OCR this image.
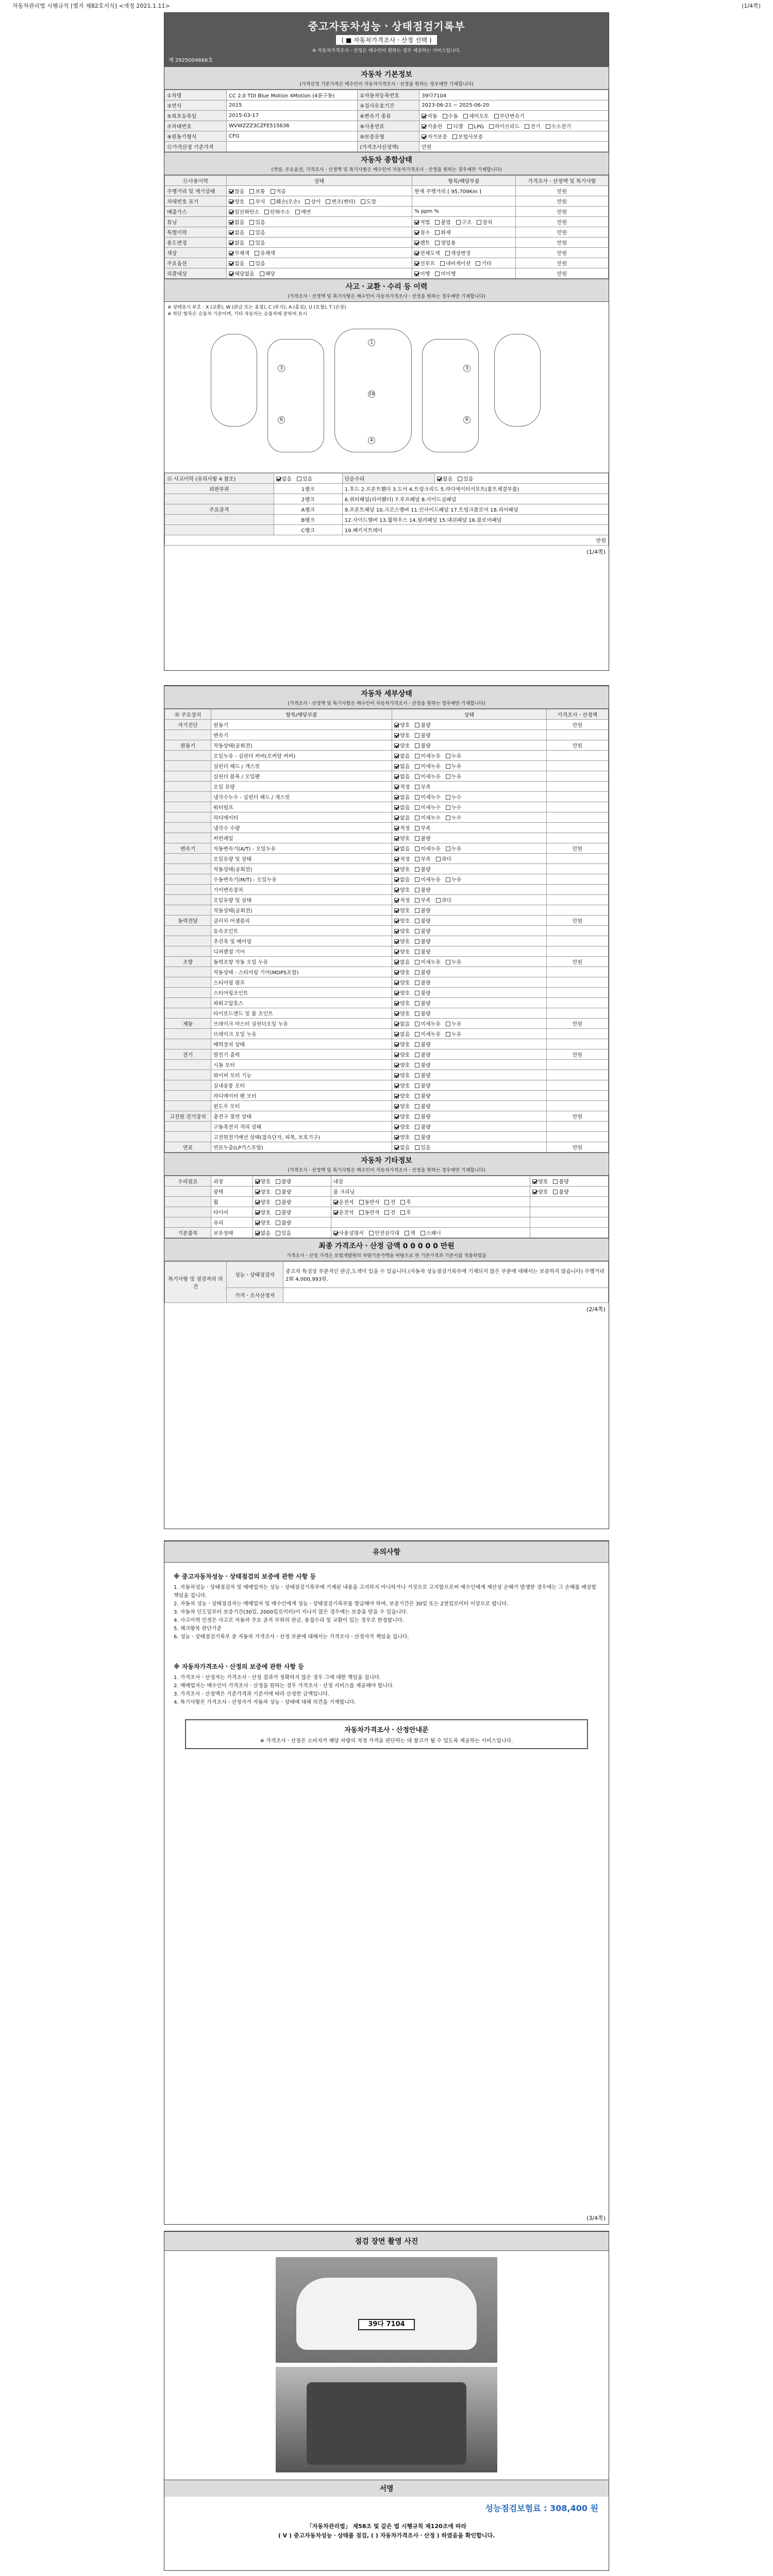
자동차관리법 시행규칙 [별지 제82호서식] <개정 2021.1.11>	(1/4쪽)
중고자동차성능ㆍ상태점검기록부
( ■ 자동차가격조사ㆍ산정 선택 )
※ 자동차가격조사ㆍ산정은 매수인이 원하는 경우 제공하는 서비스입니다.
제 2925004666호
자동차 기본정보
(가격산정 기준가격은 매수인이 자동차가격조사ㆍ산정을 원하는 경우에만 기재합니다)
①차명	CC 2.0 TDI Blue Motion 4Motion (4륜구동)	②자동차등록번호	39다7104
③연식	2015	④검사유효기간	2023-06-21 ~ 2025-06-20
⑤최초등록일	2015-03-17	⑥변속기 종류	자동 수동 세미오토 무단변속기
⑦차대번호	WVWZZZ3CZFE515636	⑧사용연료	가솔린 디젤 LPG 하이브리드 전기 수소전기
⑨원동기형식	CFG	⑩보증유형	자가보증 보험사보증
⑪가격산정 기준가격		(가격조사산정액)	만원
자동차 종합상태
(색상, 주요옵션, 가격조사ㆍ산정액 및 특기사항은 매수인이 자동차가격조사ㆍ산정을 원하는 경우에만 기재합니다)
⑪사용이력	상태	항목/해당부품	가격조사ㆍ산정액 및 특기사항
주행거리 및 계기상태	많음 보통 적음	현재 주행거리 [ 95,709Km ]	만원
차대번호 표기	양호 부식 훼손(오손) 상이 변조(변타) 도말		만원
배출가스	일산화탄소 탄화수소 매연	% ppm %	만원
튜닝	없음 있음	적법 불법 구조 장치	만원
특별이력	없음 있음	침수 화재	만원
용도변경	없음 있음	렌트 영업용	만원
색상	무채색 유채색	전체도색 색상변경	만원
주요옵션	없음 있음	선루프 내비게이션 기타	만원
리콜대상	해당없음 해당	이행 미이행	만원
사고ㆍ교환ㆍ수리 등 이력
(가격조사ㆍ산정액 및 특기사항은 매수인이 자동차가격조사ㆍ산정을 원하는 경우에만 기재합니다)
※ 상태표시 부호 : X (교환), W (판금 또는 용접), C (부식), A (흠집), U (요철), T (손상)
※ 하단 항목은 승용차 기준이며, 기타 자동차는 승용차에 준하여 표시
1
16
4
3	3
6	6
⑮ 사고이력 (유의사항 4 참조)	없음 있음	단순수리	없음 있음
외판부위	1랭크	1.후드 2.프론트휀더 3.도어 4.트렁크리드 5.라디에이터서포트(볼트체결부품)	
	2랭크	6.쿼터패널(리어휀더) 7.루프패널 8.사이드실패널	
주요골격	A랭크	9.프론트패널 10.크로스멤버 11.인사이드패널 17.트렁크플로어 18.리어패널	
	B랭크	12.사이드멤버 13.휠하우스 14.필러패널 15.대쉬패널 16.플로어패널	
	C랭크	19.패키지트레이	
만원			
(1/4쪽)
자동차 세부상태
(가격조사ㆍ산정액 및 특기사항은 매수인이 자동차가격조사ㆍ산정을 원하는 경우에만 기재합니다)
⑱ 주요장치	항목/해당부품	상태	가격조사ㆍ산정액
자기진단	원동기	양호 불량	만원
	변속기	양호 불량	
원동기	작동상태(공회전)	양호 불량	만원
	오일누유 - 실린더 커버(로커암 커버)	없음 미세누유 누유	
	실린더 헤드 / 개스킷	없음 미세누유 누유	
	실린더 블록 / 오일팬	없음 미세누유 누유	
	오일 유량	적정 부족	
	냉각수누수 - 실린더 헤드 / 개스킷	없음 미세누수 누수	
	워터펌프	없음 미세누수 누수	
	라디에이터	없음 미세누수 누수	
	냉각수 수량	적정 부족	
	커먼레일	양호 불량	
변속기	자동변속기(A/T) - 오일누유	없음 미세누유 누유	만원
	오일유량 및 상태	적정 부족 과다	
	작동상태(공회전)	양호 불량	
	수동변속기(M/T) - 오일누유	없음 미세누유 누유	
	기어변속장치	양호 불량	
	오일유량 및 상태	적정 부족 과다	
	작동상태(공회전)	양호 불량	
동력전달	클러치 어셈블리	양호 불량	만원
	등속조인트	양호 불량	
	추진축 및 베어링	양호 불량	
	디퍼렌셜 기어	양호 불량	
조향	동력조향 작동 오일 누유	없음 미세누유 누유	만원
	작동상태 - 스티어링 기어(MDPS포함)	양호 불량	
	스티어링 펌프	양호 불량	
	스티어링조인트	양호 불량	
	파워고압호스	양호 불량	
	타이로드엔드 및 볼 조인트	양호 불량	
제동	브레이크 마스터 실린더오일 누유	없음 미세누유 누유	만원
	브레이크 오일 누유	없음 미세누유 누유	
	배력장치 상태	양호 불량	
전기	발전기 출력	양호 불량	만원
	시동 모터	양호 불량	
	와이퍼 모터 기능	양호 불량	
	실내송풍 모터	양호 불량	
	라디에이터 팬 모터	양호 불량	
	윈도우 모터	양호 불량	
고전원 전기장치	충전구 절연 상태	양호 불량	만원
	구동축전지 격리 상태	양호 불량	
	고전원전기배선 상태(접속단자, 피복, 보호기구)	양호 불량	
연료	연료누출(LP가스포함)	없음 있음	만원
자동차 기타정보
(가격조사ㆍ산정액 및 특기사항은 매수인이 자동차가격조사ㆍ산정을 원하는 경우에만 기재합니다)
수리필요	외장	양호 불량	내장	양호 불량
	광택	양호 불량	룸 크리닝	양호 불량
	휠	양호 불량	운전석 동반석 전 후	
	타이어	양호 불량	운전석 동반석 전 후	
	유리	양호 불량		
기본품목	보유상태	없음 있음	사용설명서 안전삼각대 잭 스패너	
최종 가격조사ㆍ산정 금액 0 0 0 0 0 만원
가격조사ㆍ산정 가격은 보험개발원의 차량기준가액을 바탕으로 한 기준가격과 기준서를 적용하였음
특기사항 및 점검자의 의견	성능ㆍ상태점검자	중고차 특성상 부분적인 판금,도색이 있을 수 있습니다.(자동차 성능점검기록부에 기재되지 않은 부분에 대해서는 보증하지 않습니다) 주행거리 2회 4,000,993원.
	가격ㆍ조사산정자	
(2/4쪽)
유의사항
※ 중고자동차성능ㆍ상태점검의 보증에 관한 사항 등

1. 자동차성능ㆍ상태점검자 및 매매업자는 성능ㆍ상태점검기록부에 기재된 내용을 고지하지 아니하거나 거짓으로 고지함으로써 매수인에게 재산상 손해가 발생한 경우에는 그 손해를 배상할 책임을 집니다.

2. 자동차 성능ㆍ상태점검자는 매매업자 및 매수인에게 성능ㆍ상태점검기록부를 발급해야 하며, 보증기간은 30일 또는 2천킬로미터 이상으로 합니다.

3. 자동차 인도일부터 보증기간(30일, 2000킬로미터)이 지나지 않은 경우에는 보증을 받을 수 있습니다.

4. 사고이력 인정은 사고로 자동차 주요 골격 부위의 판금, 용접수리 및 교환이 있는 경우로 한정합니다.

5. 체크항목 판단기준

6. 성능ㆍ상태점검기록부 중 자동차 가격조사ㆍ산정 부분에 대해서는 가격조사ㆍ산정자가 책임을 집니다.

※ 자동차가격조사ㆍ산정의 보증에 관한 사항 등

1. 가격조사ㆍ산정자는 가격조사ㆍ산정 결과가 정확하지 않은 경우 그에 대한 책임을 집니다.

2. 매매업자는 매수인이 가격조사ㆍ산정을 원하는 경우 가격조사ㆍ산정 서비스를 제공해야 합니다.

3. 가격조사ㆍ산정액은 기준가격과 기준서에 따라 산정한 금액입니다.

4. 특기사항은 가격조사ㆍ산정자가 자동차 성능ㆍ상태에 대해 의견을 기재합니다.

자동차가격조사ㆍ산정안내문
※ 가격조사ㆍ산정은 소비자가 해당 차량의 적정 가격을 판단하는 데 참고가 될 수 있도록 제공하는 서비스입니다.
(3/4쪽)
점검 장면 촬영 사진
39다 7104
서명
성능점검보험료 : 308,400 원
「자동차관리법」 제58조 및 같은 법 시행규칙 제120조에 따라
( V ) 중고자동차성능ㆍ상태를 점검, ( ) 자동차가격조사ㆍ산정 ) 하였음을 확인합니다.
